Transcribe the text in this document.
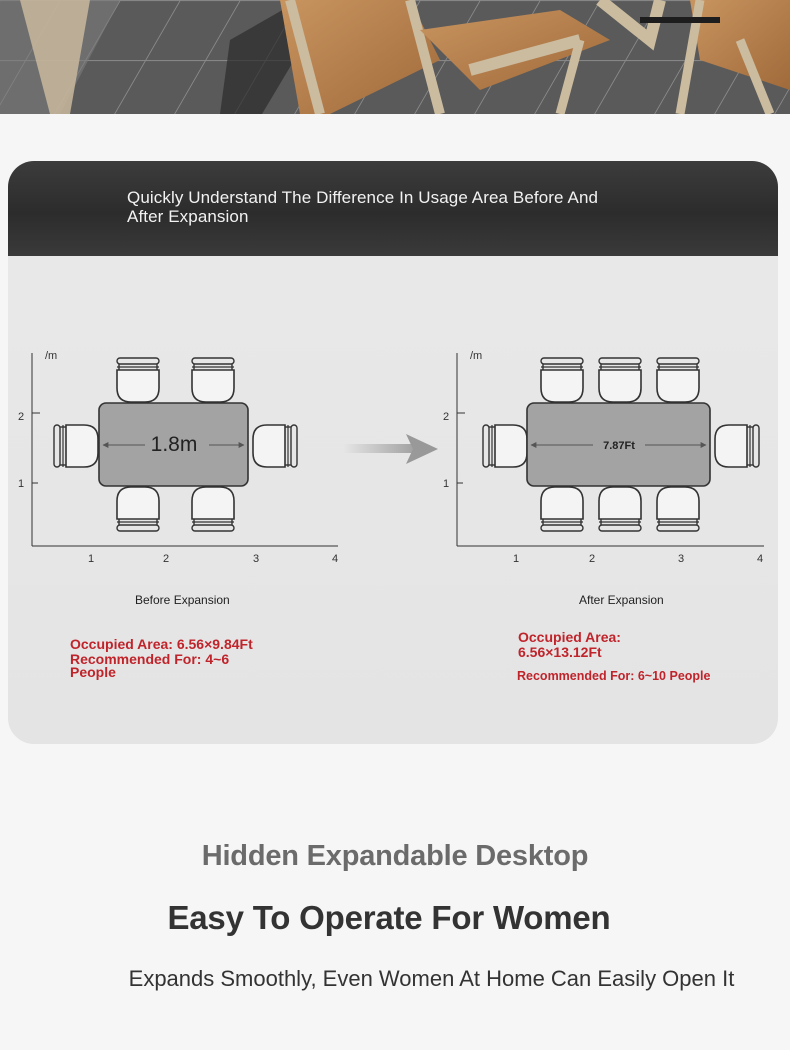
Quickly Understand The Difference In Usage Area Before And
After Expansion
/m
2
1
1	2	3	4
1.8m
/m
2
1
1	2	3	4
7.87Ft
Before Expansion	After Expansion
Occupied Area: 6.56×9.84Ft
Recommended For: 4~6
People
Occupied Area:
6.56×13.12Ft
Recommended For: 6~10 People
Hidden Expandable Desktop
Easy To Operate For Women
Expands Smoothly, Even Women At Home Can Easily Open It
